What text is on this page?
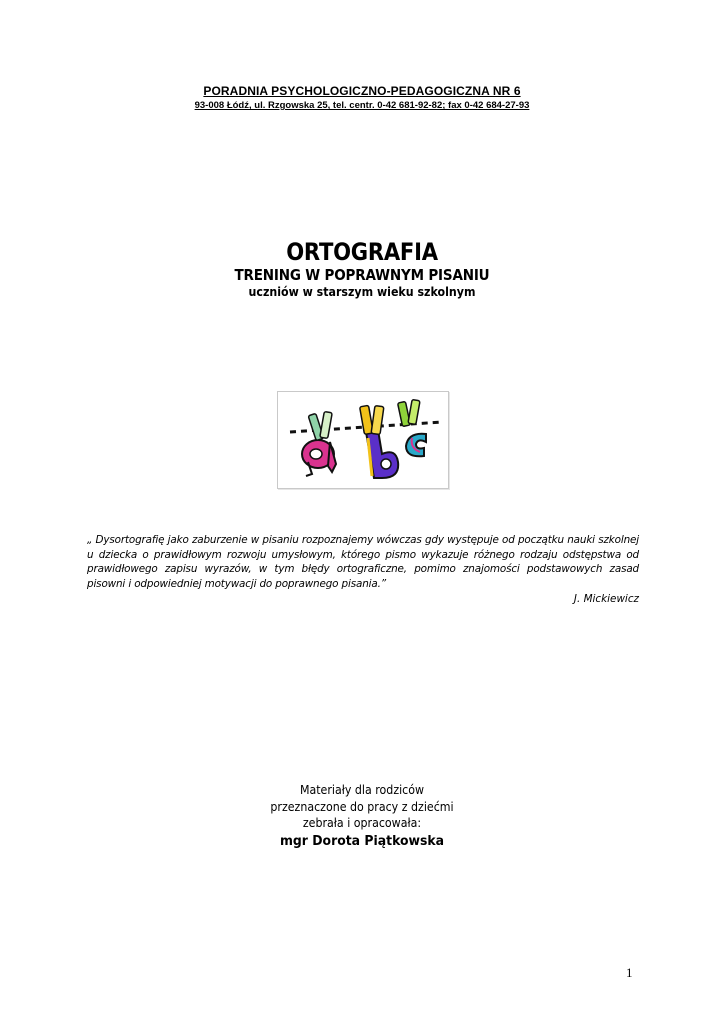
PORADNIA PSYCHOLOGICZNO-PEDAGOGICZNA NR 6
93-008 Łódź, ul. Rzgowska 25, tel. centr. 0-42 681-92-82; fax 0-42 684-27-93
ORTOGRAFIA
TRENING W POPRAWNYM PISANIU
uczniów w starszym wieku szkolnym
„ Dysortografię jako zaburzenie w pisaniu rozpoznajemy wówczas gdy występuje od początku nauki szkolnej u dziecka o prawidłowym rozwoju umysłowym, którego pismo wykazuje różnego rodzaju odstępstwa od prawidłowego zapisu wyrazów, w tym błędy ortograficzne, pomimo znajomości podstawowych zasad pisowni i odpowiedniej motywacji do poprawnego pisania.”
J. Mickiewicz
Materiały dla rodziców
przeznaczone do pracy z dziećmi
zebrała i opracowała:
mgr Dorota Piątkowska
1
